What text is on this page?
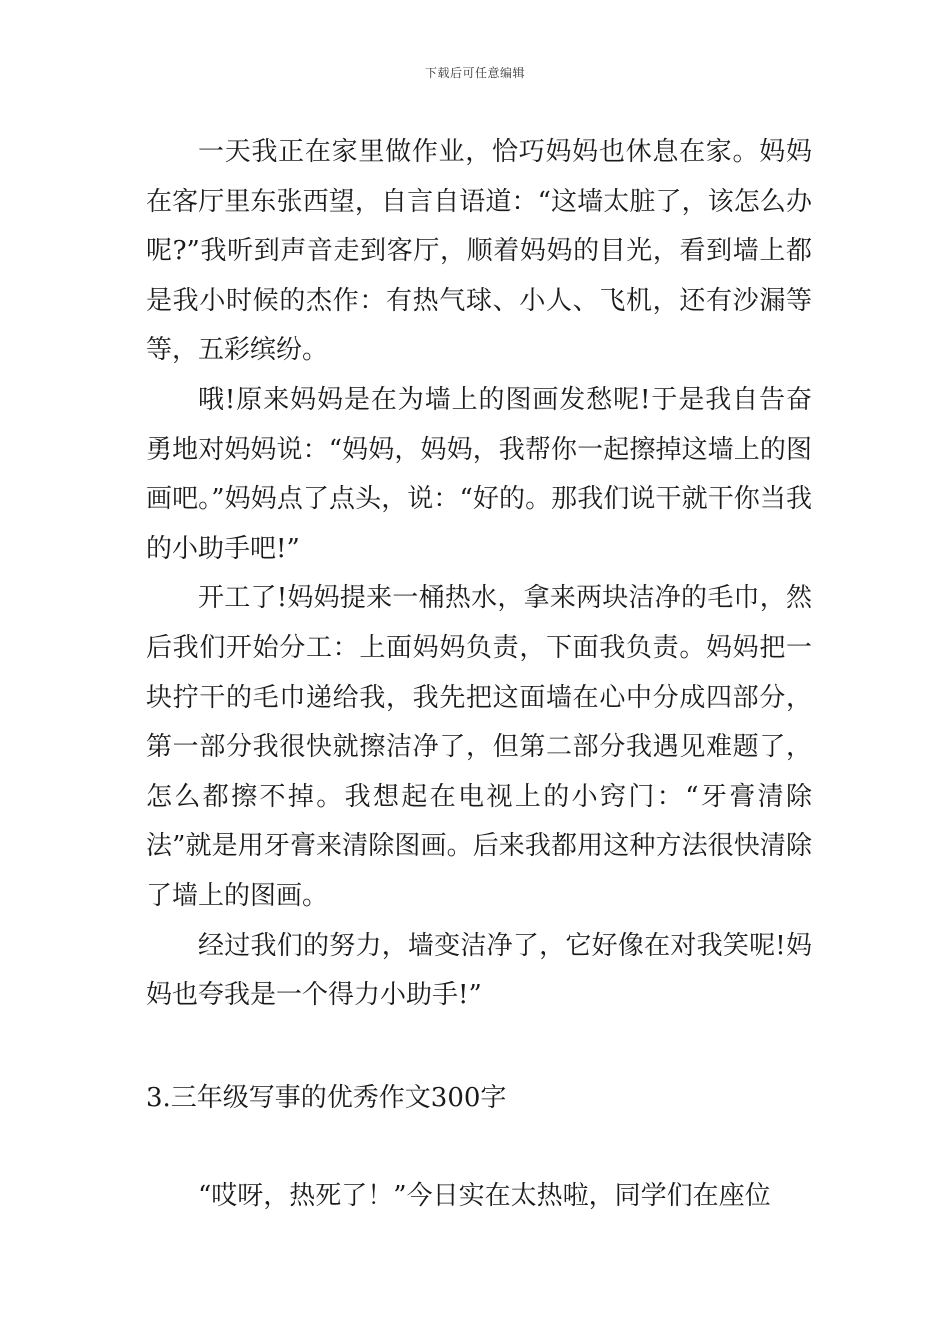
下载后可任意编辑

一天我正在家里做作业，恰巧妈妈也休息在家。妈妈在客厅里东张西望，自言自语道：“这墙太脏了，该怎么办呢?”我听到声音走到客厅，顺着妈妈的目光，看到墙上都是我小时候的杰作：有热气球、小人、飞机，还有沙漏等等，五彩缤纷。

哦!原来妈妈是在为墙上的图画发愁呢!于是我自告奋勇地对妈妈说：“妈妈，妈妈，我帮你一起擦掉这墙上的图画吧。”妈妈点了点头，说：“好的。那我们说干就干你当我的小助手吧!”

开工了!妈妈提来一桶热水，拿来两块洁净的毛巾，然后我们开始分工：上面妈妈负责，下面我负责。妈妈把一块拧干的毛巾递给我，我先把这面墙在心中分成四部分，第一部分我很快就擦洁净了，但第二部分我遇见难题了，怎么都擦不掉。我想起在电视上的小窍门：“牙膏清除法”就是用牙膏来清除图画。后来我都用这种方法很快清除了墙上的图画。

经过我们的努力，墙变洁净了，它好像在对我笑呢!妈妈也夸我是一个得力小助手!”

3.三年级写事的优秀作文300字

“哎呀，热死了！”今日实在太热啦，同学们在座位
